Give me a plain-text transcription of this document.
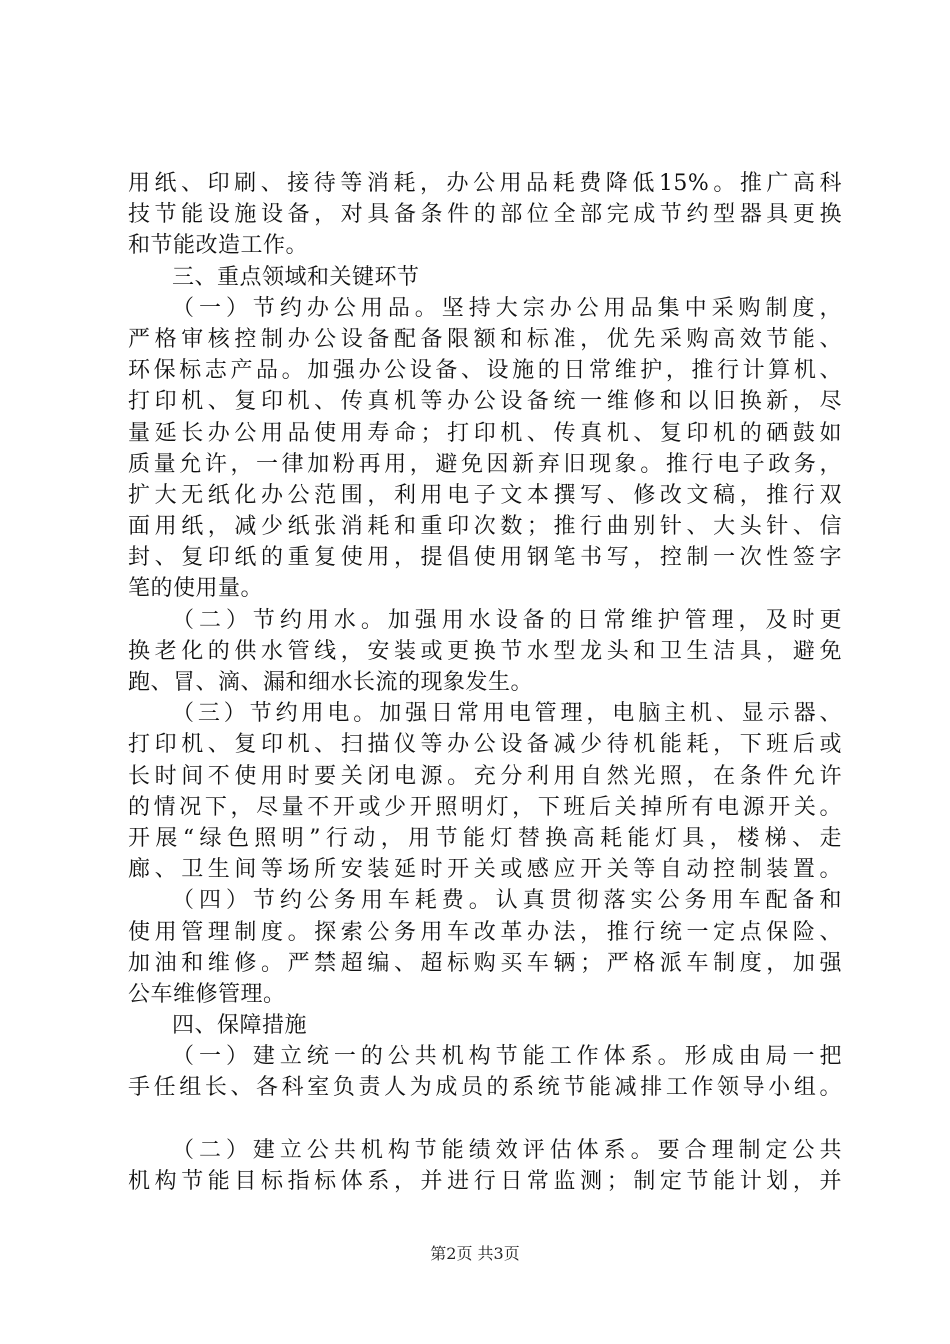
用纸、印刷、接待等消耗，办公用品耗费降低15%。推广高科
技节能设施设备，对具备条件的部位全部完成节约型器具更换
和节能改造工作。
三、重点领域和关键环节
（一）节约办公用品。坚持大宗办公用品集中采购制度，
严格审核控制办公设备配备限额和标准，优先采购高效节能、
环保标志产品。加强办公设备、设施的日常维护，推行计算机、
打印机、复印机、传真机等办公设备统一维修和以旧换新，尽
量延长办公用品使用寿命；打印机、传真机、复印机的硒鼓如
质量允许，一律加粉再用，避免因新弃旧现象。推行电子政务，
扩大无纸化办公范围，利用电子文本撰写、修改文稿，推行双
面用纸，减少纸张消耗和重印次数；推行曲别针、大头针、信
封、复印纸的重复使用，提倡使用钢笔书写，控制一次性签字
笔的使用量。
（二）节约用水。加强用水设备的日常维护管理，及时更
换老化的供水管线，安装或更换节水型龙头和卫生洁具，避免
跑、冒、滴、漏和细水长流的现象发生。
（三）节约用电。加强日常用电管理，电脑主机、显示器、
打印机、复印机、扫描仪等办公设备减少待机能耗，下班后或
长时间不使用时要关闭电源。充分利用自然光照，在条件允许
的情况下，尽量不开或少开照明灯，下班后关掉所有电源开关。
开展“绿色照明”行动，用节能灯替换高耗能灯具，楼梯、走
廊、卫生间等场所安装延时开关或感应开关等自动控制装置。
（四）节约公务用车耗费。认真贯彻落实公务用车配备和
使用管理制度。探索公务用车改革办法，推行统一定点保险、
加油和维修。严禁超编、超标购买车辆；严格派车制度，加强
公车维修管理。
四、保障措施
（一）建立统一的公共机构节能工作体系。形成由局一把
手任组长、各科室负责人为成员的系统节能减排工作领导小组。
（二）建立公共机构节能绩效评估体系。要合理制定公共
机构节能目标指标体系，并进行日常监测；制定节能计划，并
第2页 共3页
